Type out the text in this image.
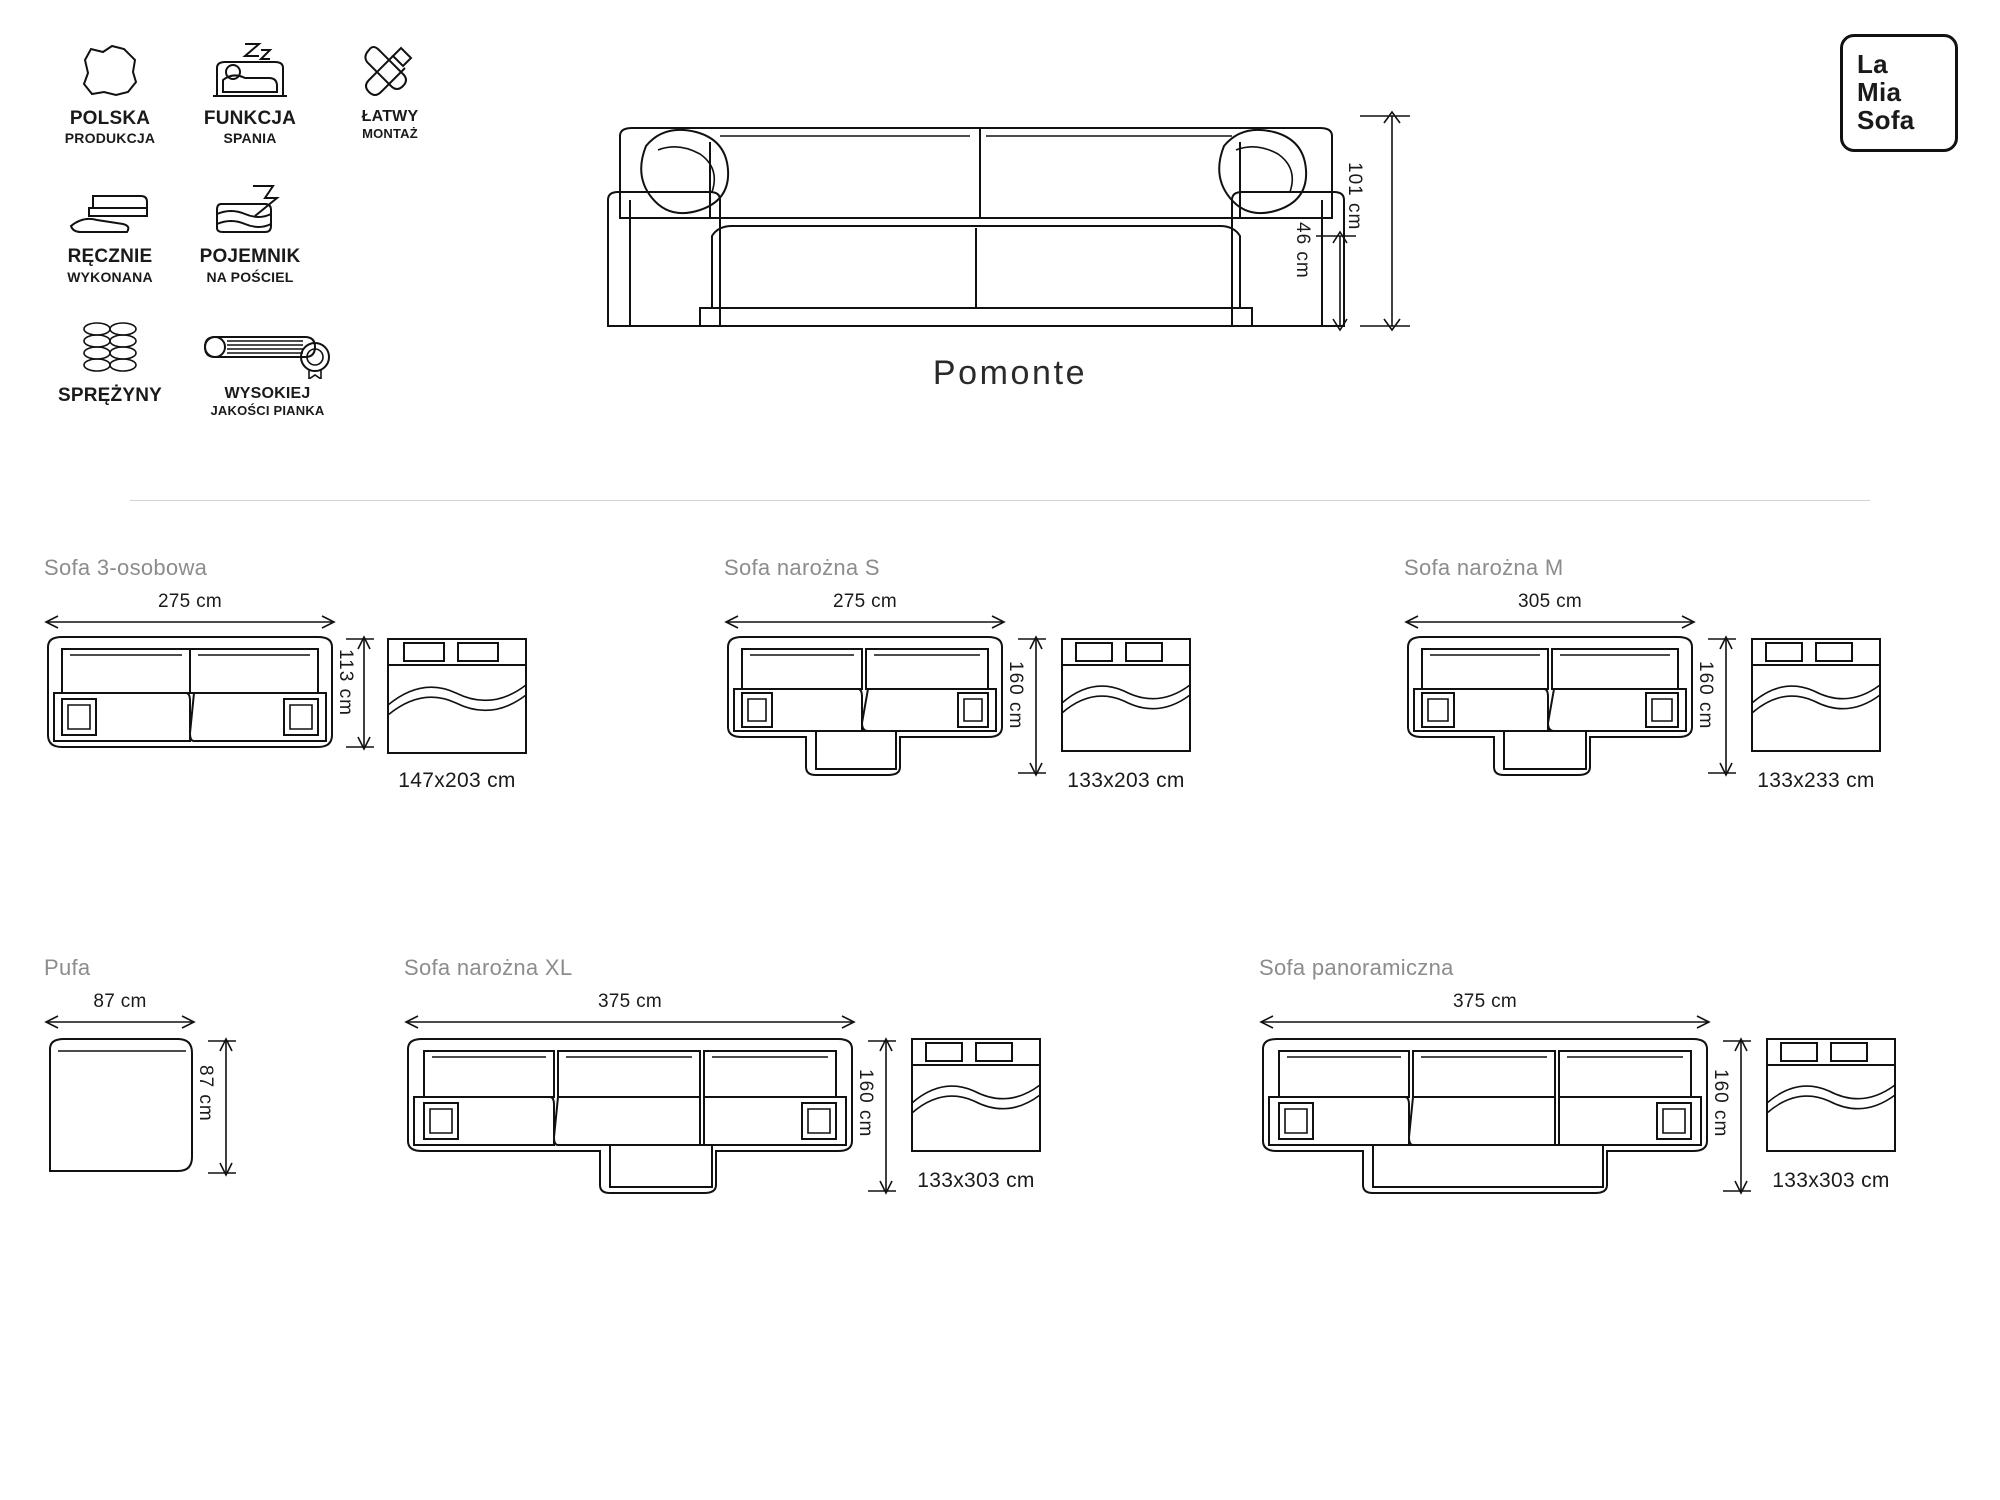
POLSKA
PRODUKCJA
FUNKCJA
SPANIA
ŁATWY
MONTAŻ
RĘCZNIE
WYKONANA
POJEMNIK
NA POŚCIEL
SPRĘŻYNY	WYSOKIEJ
JAKOŚCI PIANKA
La
Mia
Sofa
101 cm
46 cm
Pomonte
Sofa 3-osobowa
275 cm
113 cm
147x203 cm
Sofa narożna S
275 cm
160 cm
133x203 cm
Sofa narożna M
305 cm
160 cm
133x233 cm
Pufa
87 cm
87 cm
Sofa narożna XL
375 cm
160 cm
133x303 cm
Sofa panoramiczna
375 cm
160 cm
133x303 cm
